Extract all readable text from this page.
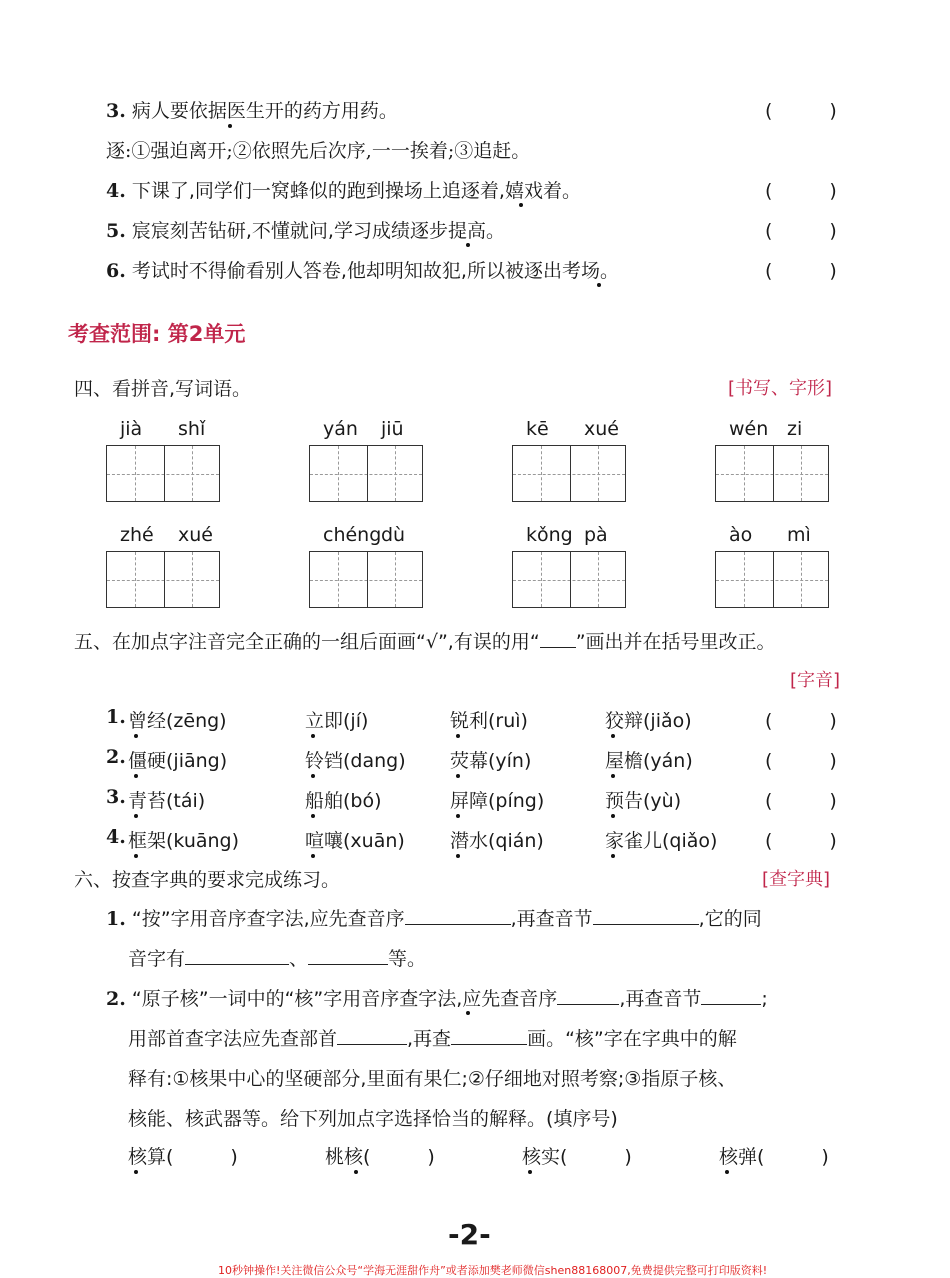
3. 病人要依据医生开的药方用药。	(　　　)
逐:①强迫离开;②依照先后次序,一一挨着;③追赶。
4. 下课了,同学们一窝蜂似的跑到操场上追逐着,嬉戏着。	(　　　)
5. 宸宸刻苦钻研,不懂就问,学习成绩逐步提高。	(　　　)
6. 考试时不得偷看别人答卷,他却明知故犯,所以被逐出考场。	(　　　)
考查范围: 第2单元
四、看拼音,写词语。	[书写、字形]
jià shǐ	yán jiū	kē xué	wén zi
zhé xué	chéng dù	kǒng pà	ào mì
五、在加点字注音完全正确的一组后面画“√”,有误的用“ ”画出并在括号里改正。
[字音]
1. 曾经(zēng)	立即(jí)	锐利(ruì)	狡辩(jiǎo)	(　　　)
2. 僵硬(jiāng)	铃铛(dang) 荧幕(yín)	屋檐(yán)	(　　　)
3. 青苔(tái)	船舶(bó)	屏障(píng)	预告(yù)	(　　　)
4. 框架(kuāng)	喧嚷(xuān) 潜水(qián)	家雀儿(qiǎo)	(　　　)
六、按查字典的要求完成练习。	[查字典]
1. “按”字用音序查字法,应先查音序	,再查音节	,它的同
音字有	、	等。
2. “原子核”一词中的“核”字用音序查字法,应先查音序	,再查音节	;
用部首查字法应先查部首	,再查	画。“核”字在字典中的解
释有:①核果中心的坚硬部分,里面有果仁;②仔细地对照考察;③指原子核、
核能、核武器等。给下列加点字选择恰当的解释。(填序号)
核算(　　　)	桃核(　　　)	核实(　　　)	核弹(　　　)
-2-
10秒钟操作!关注微信公众号“学海无涯甜作舟”或者添加樊老师微信shen88168007,免费提供完整可打印版资料!
